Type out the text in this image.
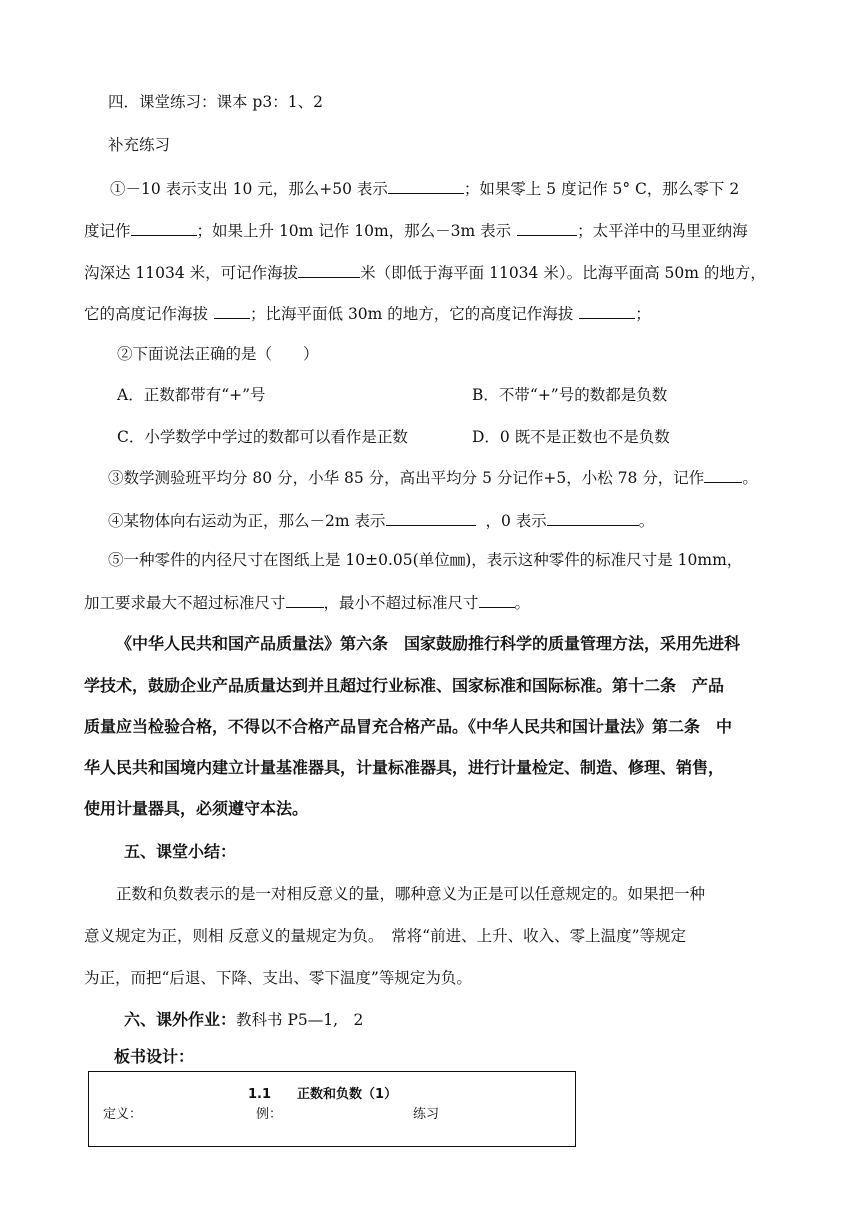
四．课堂练习：课本 p3：1、2
补充练习
①－10 表示支出 10 元，那么+50 表示	；如果零上 5 度记作 5° C，那么零下 2
度记作	；如果上升 10m 记作 10m，那么－3m 表示	；太平洋中的马里亚纳海
沟深达 11034 米，可记作海拔	米（即低于海平面 11034 米）。比海平面高 50m 的地方，
它的高度记作海拔	；比海平面低 30m 的地方，它的高度记作海拔	；
②下面说法正确的是（　　）
A．正数都带有“+”号	B．不带“+”号的数都是负数
C．小学数学中学过的数都可以看作是正数	D．0 既不是正数也不是负数
③数学测验班平均分 80 分，小华 85 分，高出平均分 5 分记作+5，小松 78 分，记作 。
④某物体向右运动为正，那么－2m 表示	，0 表示	。
⑤一种零件的内径尺寸在图纸上是 10±0.05(单位㎜)，表示这种零件的标准尺寸是 10mm，
加工要求最大不超过标准尺寸 ，最小不超过标准尺寸 。
《中华人民共和国产品质量法》第六条　国家鼓励推行科学的质量管理方法，采用先进科
学技术，鼓励企业产品质量达到并且超过行业标准、国家标准和国际标准。第十二条　产品
质量应当检验合格，不得以不合格产品冒充合格产品。《中华人民共和国计量法》第二条　中
华人民共和国境内建立计量基准器具，计量标准器具，进行计量检定、制造、修理、销售，
使用计量器具，必须遵守本法。
五、课堂小结：
正数和负数表示的是一对相反意义的量，哪种意义为正是可以任意规定的。如果把一种
意义规定为正，则相 反意义的量规定为负。　常将“前进、上升、收入、零上温度”等规定
为正，而把“后退、下降、支出、零下温度”等规定为负。
六、课外作业：教科书 P5—1,　2
板书设计：
1.1　　正数和负数（1）
定义：	例：	练习
